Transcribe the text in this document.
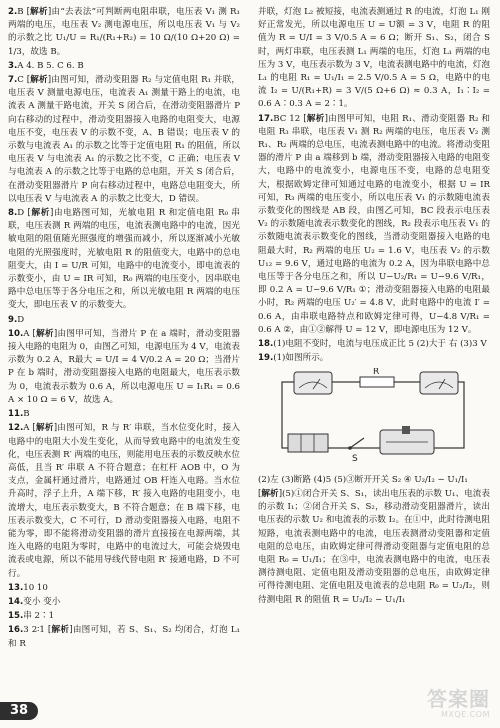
2.B [ 解析 ] 由“去表法”可判断两电阻串联，电压表 V₁ 测 R₁ 两端的电压，电压表 V₂ 测电源电压，所以电压表 V₁ 与 V₂ 的示数之比 U₁/U = R₁/(R₁+R₂) = 10 Ω/(10 Ω+20 Ω) = 1/3，故选 B。

3.A 4. B 5. C 6. B

7.C [ 解析 ] 由图可知，滑动变阻器 R₂ 与定值电阻 R₁ 并联，电压表 V 测量电源电压，电流表 A₁ 测量干路上的电流，电流表 A 测量干路电流，开关 S 闭合后，在滑动变阻器滑片 P 向右移动的过程中，滑动变阻器接入电路的电阻变大，电源电压不变，电压表 V 的示数不变，A、B 错误；电压表 V 的示数与电流表 A₁ 的示数之比等于定值电阻 R₁ 的阻值，所以电压表 V 与电流表 A₁ 的示数之比不变，C 正确；电压表 V 与电流表 A 的示数之比等于电路的总电阻，开关 S 闭合后，在滑动变阻器滑片 P 向右移动过程中，电路总电阻变大，所以电压表 V 与电流表 A 的示数之比变大，D 错误。

8.D [ 解析 ] 由电路图可知，光敏电阻 R 和定值电阻 R₀ 串联，电压表测 R 两端的电压，电流表测电路中的电流，因光敏电阻的阻值随光照强度的增强而减小，所以逐渐减小光敏电阻的光照强度时，光敏电阻 R 的阻值变大，电路中的总电阻变大，由 I = U/R 可知，电路中的电流变小，即电流表的示数变小，由 U = IR 可知，R₀ 两端的电压变小，因串联电路中总电压等于各分电压之和，所以光敏电阻 R 两端的电压变大，即电压表 V 的示数变大。

9.D

10.A [ 解析 ] 由图甲可知，当滑片 P 在 a 端时，滑动变阻器接入电路的电阻为 0，由图乙可知，电源电压为 4 V，电流表示数为 0.2 A，R最大 = U/I = 4 V/0.2 A = 20 Ω；当滑片 P 在 b 端时，滑动变阻器接入电路的电阻最大，电压表示数为 0，电流表示数为 0.6 A，所以电源电压 U = I₁R₁ = 0.6 A × 10 Ω = 6 V，故选 A。

11.B

12.A [ 解析 ] 由图可知，R 与 R′ 串联，当水位变化时，接入电路中的电阻大小发生变化，从而导致电路中的电流发生变化，电压表测 R′ 两端的电压，则能用电压表的示数反映水位高低，且当 R′ 串联 A 不符合题意；在杠杆 AOB 中，O 为支点，金属杆通过滑片，电路通过 OB 杆连入电路。当水位升高时，浮子上升，A 端下移，R′ 接入电路的电阻变小，电流增大，电压表示数变大，B 不符合题意；在 B 端下移，电压表示数变大，C 不可行，D 滑动变阻器接入电路，电阻不能为零，即不能将滑动变阻器的滑片直接接在电源两端，其连入电路的电阻为零时，电路中的电流过大，可能会烧毁电流表或电源，所以不能用导线代替电阻 R′ 接通电路，D 不可行。

13.10 10

14.变小 变小

15.串 2∶1

16.3 2∶1 [ 解析 ] 由图可知，若 S、S₁、S₂ 均闭合，灯泡 L₁ 和 R

并联，灯泡 L₂ 被短接，电流表测通过 R 的电流，灯泡 L₁ 刚好正常发光，所以电源电压 U = U额 = 3 V，电阻 R 的阻值为 R = U/I = 3 V/0.5 A = 6 Ω；断开 S₁、S₂，闭合 S 时，两灯串联，电压表测 L₁ 两端的电压，灯泡 L₁ 两端的电压为 3 V，电压表示数为 3 V，电流表测电路中的电流，灯泡 L₁ 的电阻 R₁ = U₁/I₁ = 2.5 V/0.5 A = 5 Ω，电路中的电流 I₂ = U/(R₁+R) = 3 V/(5 Ω+6 Ω) ≈ 0.3 A，I₁∶I₂ = 0.6 A∶0.3 A = 2∶1。

17.BC 12 [ 解析 ] 由图甲可知，电阻 R₁、滑动变阻器 R₂ 和电阻 R₃ 串联，电压表 V₁ 测 R₂ 两端的电压，电压表 V₂ 测 R₁、R₂ 两端的总电压，电流表测电路中的电流。将滑动变阻器的滑片 P 由 a 端移到 b 端，滑动变阻器接入电路的电阻变大，电路中的电流变小，电源电压不变，电路的总电阻变大，根据欧姆定律可知通过电路的电流变小，根据 U = IR 可知，R₃ 两端的电压变小，所以电压表 V₁ 的示数随电流表示数变化的图线是 AB 段，由图乙可知，BC 段表示电压表 V₂ 的示数随电流表示数变化的图线，R₂ 段表示电压表 V₁ 的示数随电流表示数变化的图线，当滑动变阻器接入电路的电阻最大时，R₂ 两端的电压 U₂ = 1.6 V，电压表 V₂ 的示数 U₁₂ = 9.6 V，通过电路的电流为 0.2 A，因为串联电路中总电压等于各分电压之和，所以 U−U₂/R₁ = U−9.6 V/R₁，即 0.2 A = U−9.6 V/R₁ ①；滑动变阻器接入电路的电阻最小时，R₂ 两端的电压 U₂′ = 4.8 V，此时电路中的电流 I′ = 0.6 A，由串联电路特点和欧姆定律可得，U−4.8 V/R₁ = 0.6 A ②，由①②解得 U = 12 V，即电源电压为 12 V。

18.(1)电阻不变时，电流与电压成正比 5 (2)大于 右 (3)3 V

19.(1)如图所示。

R
S

(2)左 (3)断路 (4)5 (5)③断开开关 S₂ ④ U₂/I₂ − U₁/I₁

[ 解析 ] (5)①闭合开关 S、S₁，读出电压表的示数 U₁、电流表的示数 I₁；②闭合开关 S、S₂，移动滑动变阻器滑片，读出电压表的示数 U₂ 和电流表的示数 I₂。在①中，此时待测电阻短路，电流表测电路中的电流，电压表测滑动变阻器和定值电阻的总电压，由欧姆定律可得滑动变阻器与定值电阻的总电阻 R₀ = U₁/I₁；在③中，电流表测电路中的电流，电压表测待测电阻、定值电阻及滑动变阻器的总电压，由欧姆定律可得待测电阻、定值电阻及电流表的总电阻 R₀ = U₂/I₂，则待测电阻 R 的阻值 R = U₂/I₂ − U₁/I₁

38	答案圈
MXQE.COM
